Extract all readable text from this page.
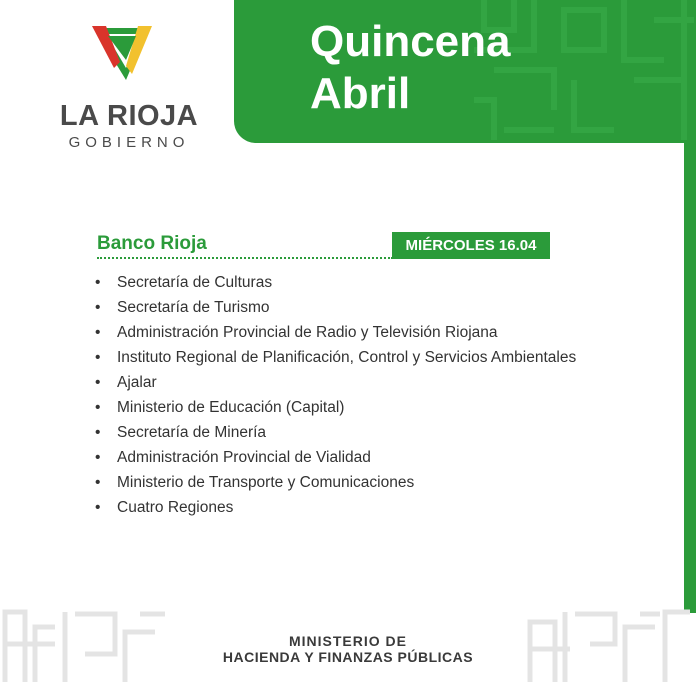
LA RIOJA
GOBIERNO
Quincena
Abril
Banco Rioja	MIÉRCOLES 16.04
• Secretaría de Culturas
• Secretaría de Turismo
• Administración Provincial de Radio y Televisión Riojana
• Instituto Regional de Planificación, Control y Servicios Ambientales
• Ajalar
• Ministerio de Educación (Capital)
• Secretaría de Minería
• Administración Provincial de Vialidad
• Ministerio de Transporte y Comunicaciones
• Cuatro Regiones
MINISTERIO DE
HACIENDA Y FINANZAS PÚBLICAS
